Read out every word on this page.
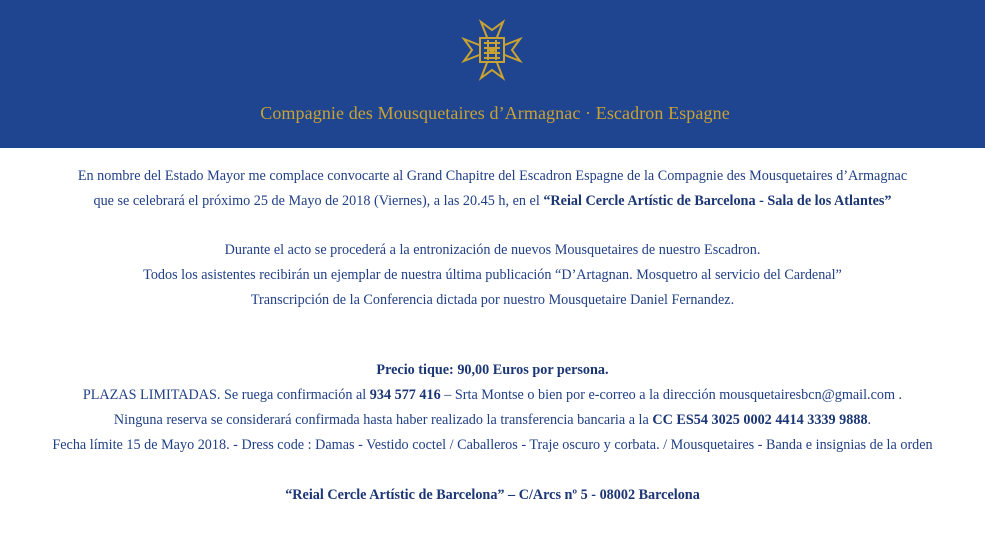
Compagnie des Mousquetaires d’Armagnac · Escadron Espagne
En nombre del Estado Mayor me complace convocarte al Grand Chapitre del Escadron Espagne de la Compagnie des Mousquetaires d’Armagnac
que se celebrará el próximo 25 de Mayo de 2018 (Viernes), a las 20.45 h, en el “Reial Cercle Artístic de Barcelona - Sala de los Atlantes”
Durante el acto se procederá a la entronización de nuevos Mousquetaires de nuestro Escadron.
Todos los asistentes recibirán un ejemplar de nuestra última publicación “D’Artagnan. Mosquetro al servicio del Cardenal”
Transcripción de la Conferencia dictada por nuestro Mousquetaire Daniel Fernandez.
Precio tique: 90,00 Euros por persona.
PLAZAS LIMITADAS. Se ruega confirmación al 934 577 416 – Srta Montse o bien por e-correo a la dirección mousquetairesbcn@gmail.com .
Ninguna reserva se considerará confirmada hasta haber realizado la transferencia bancaria a la CC ES54 3025 0002 4414 3339 9888.
Fecha límite 15 de Mayo 2018. - Dress code : Damas - Vestido coctel / Caballeros - Traje oscuro y corbata. / Mousquetaires - Banda e insignias de la orden
“Reial Cercle Artístic de Barcelona” – C/Arcs nº 5 - 08002 Barcelona
